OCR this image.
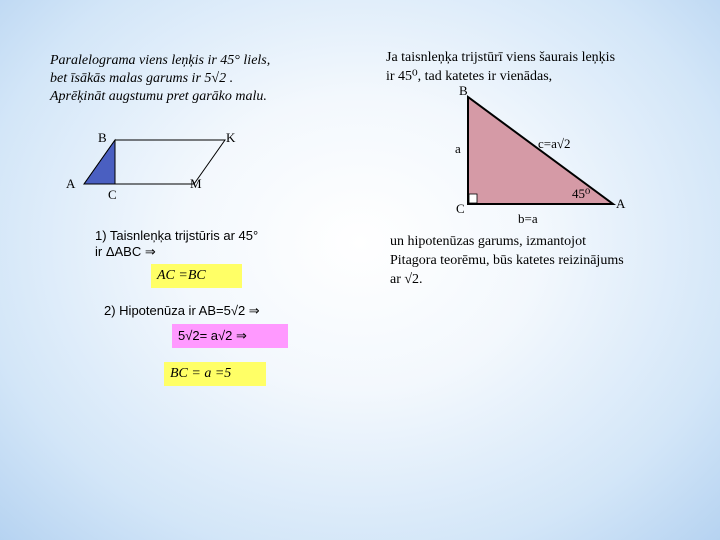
Paralelograma viens leņķis ir 45° liels,
bet īsākās malas garums ir 5√2 .
Aprēķināt augstumu pret garāko malu.
B	K
A
C
M
1) Taisnleņķa trijstūris ar 45°
ir ΔABC ⇒
AC =BC
2) Hipotenūza ir AB=5√2 ⇒
5√2= a√2 ⇒
BC = a =5
Ja taisnleņķa trijstūrī viens šaurais leņķis
ir 45⁰, tad katetes ir vienādas,
B
a	c=a√2
C
45⁰
A
b=a
un hipotenūzas garums, izmantojot
Pitagora teorēmu, būs katetes reizinājums
ar √2.
